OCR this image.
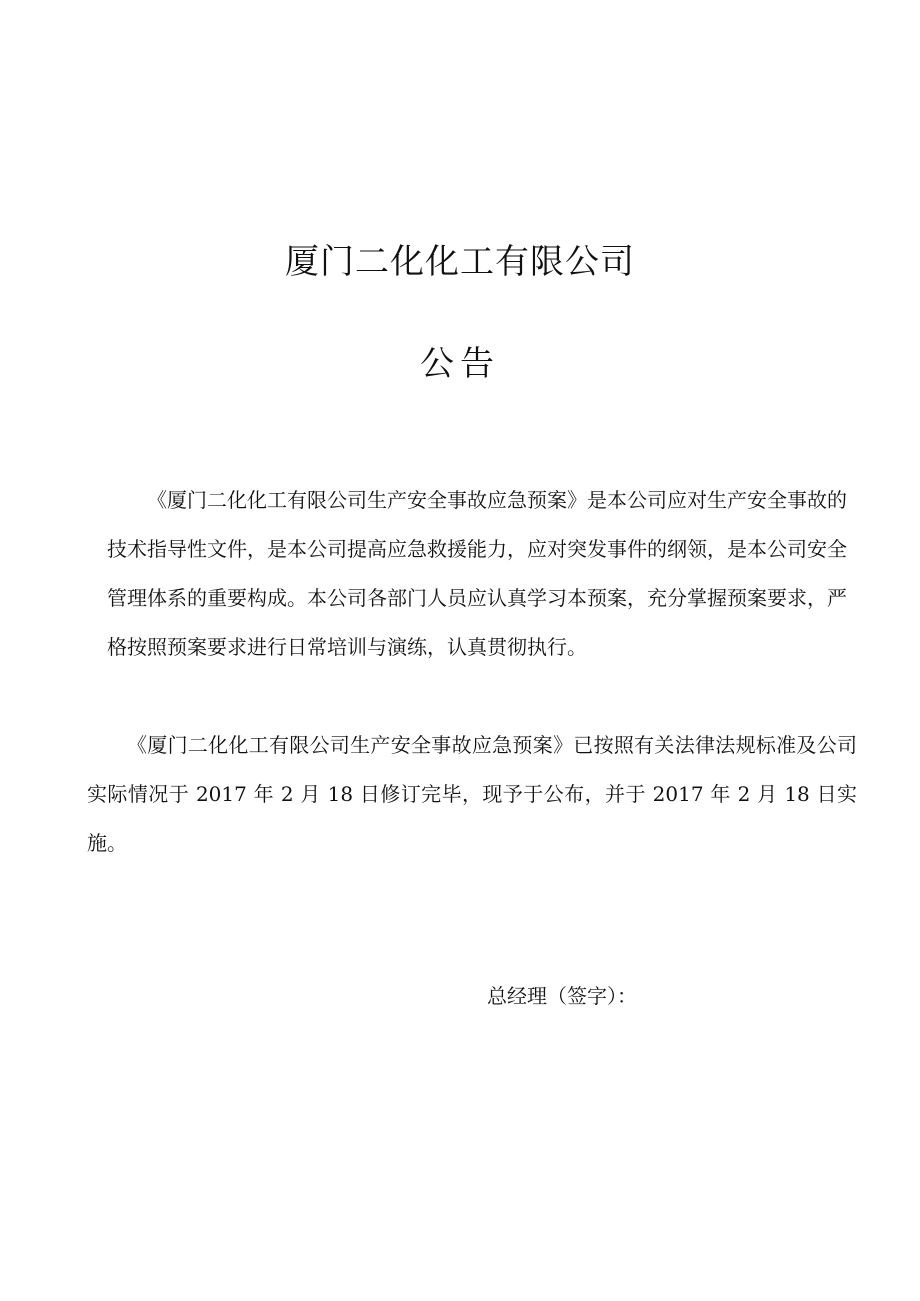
厦门二化化工有限公司
公告

《厦门二化化工有限公司生产安全事故应急预案》是本公司应对生产安全事故的技术指导性文件，是本公司提高应急救援能力，应对突发事件的纲领，是本公司安全管理体系的重要构成。本公司各部门人员应认真学习本预案，充分掌握预案要求，严格按照预案要求进行日常培训与演练，认真贯彻执行。

《厦门二化化工有限公司生产安全事故应急预案》已按照有关法律法规标准及公司实际情况于 2017 年 2 月 18 日修订完毕，现予于公布，并于 2017 年 2 月 18 日实施。

总经理（签字）：
